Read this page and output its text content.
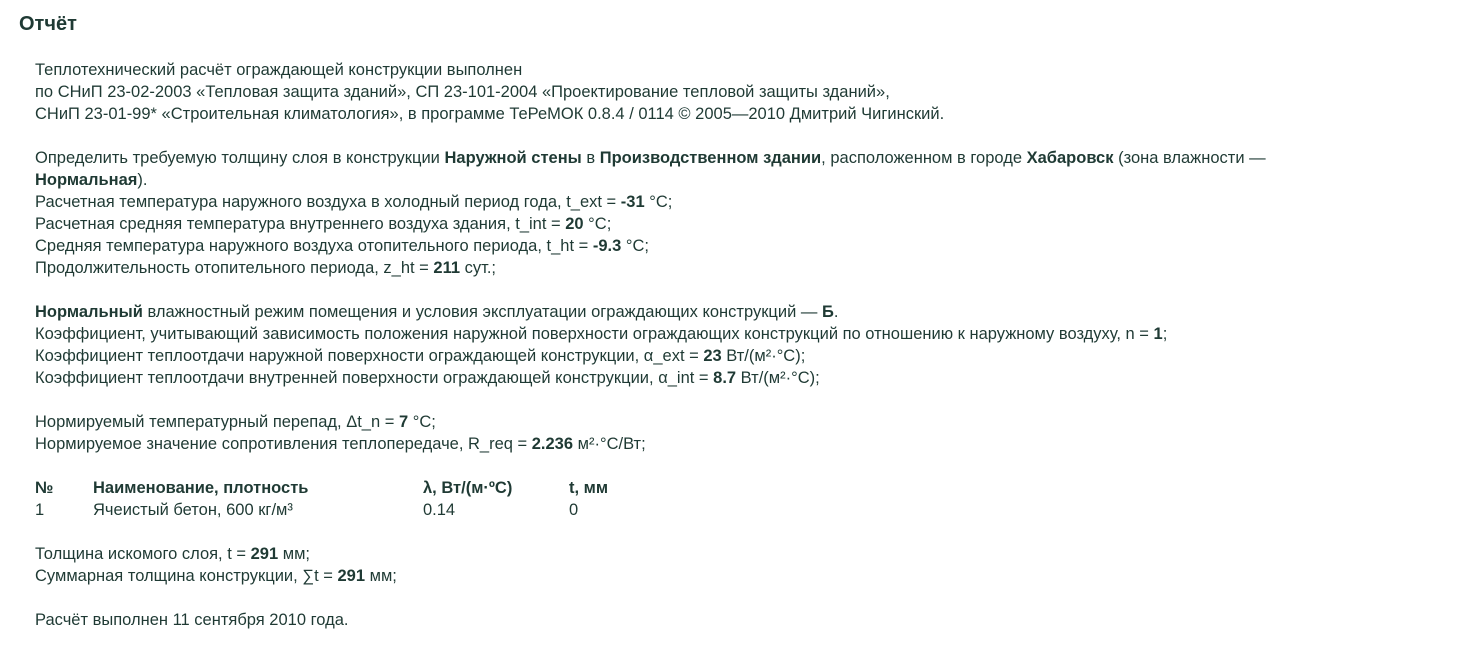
Отчёт

Теплотехнический расчёт ограждающей конструкции выполнен

по СНиП 23-02-2003 «Тепловая защита зданий», СП 23-101-2004 «Проектирование тепловой защиты зданий»,

СНиП 23-01-99* «Строительная климатология», в программе ТеРеМОК 0.8.4 / 0114 © 2005—2010 Дмитрий Чигинский.

Определить требуемую толщину слоя в конструкции Наружной стены в Производственном здании, расположенном в городе Хабаровск (зона влажности —

Нормальная).

Расчетная температура наружного воздуха в холодный период года, t_ext = -31 °C;

Расчетная средняя температура внутреннего воздуха здания, t_int = 20 °C;

Средняя температура наружного воздуха отопительного периода, t_ht = -9.3 °C;

Продолжительность отопительного периода, z_ht = 211 сут.;

Нормальный влажностный режим помещения и условия эксплуатации ограждающих конструкций — Б.

Коэффициент, учитывающий зависимость положения наружной поверхности ограждающих конструкций по отношению к наружному воздуху, n = 1;

Коэффициент теплоотдачи наружной поверхности ограждающей конструкции, α_ext = 23 Вт/(м²·°C);

Коэффициент теплоотдачи внутренней поверхности ограждающей конструкции, α_int = 8.7 Вт/(м²·°C);

Нормируемый температурный перепад, Δt_n = 7 °C;

Нормируемое значение сопротивления теплопередаче, R_req = 2.236 м²·°C/Вт;

№	Наименование, плотность	λ, Вт/(м·ºC)	t, мм
1	Ячеистый бетон, 600 кг/м³	0.14	0

Толщина искомого слоя, t = 291 мм;

Суммарная толщина конструкции, ∑t = 291 мм;

Расчёт выполнен 11 сентября 2010 года.
